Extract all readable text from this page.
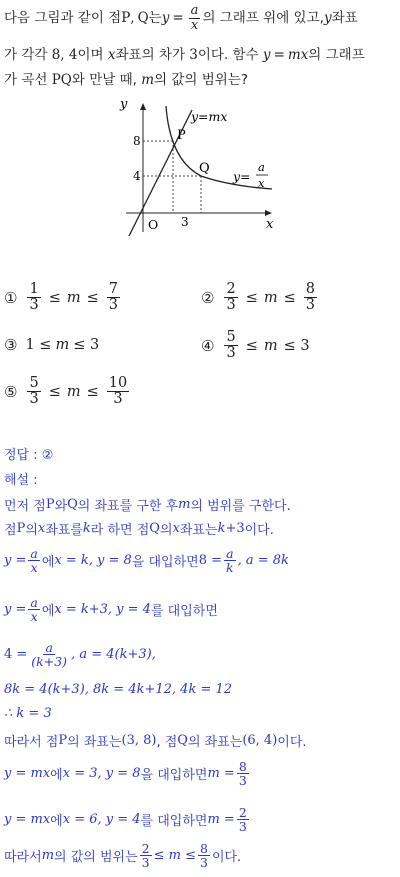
다음 그림과 같이 점 P , Q 는 $y = \frac{a}{x}$ 의 그래프 위에 있고, y 좌표
가 각각 8, 4이며 x좌표의 차가 3이다. 함수 y = mx의 그래프
가 곡선 PQ와 만날 때, m의 값의 범위는?
y
x
O
8
4
3
P
Q
y=mx
y=
a
x
① $\frac{1}{3} \le m \le \frac{7}{3}$	② $\frac{2}{3} \le m \le \frac{8}{3}$
③ 1 ≤ m ≤ 3	④ $\frac{5}{3} \le m \le 3$
⑤ $\frac{5}{3} \le m \le \frac{10}{3}$
정답 : ②
해설 :
먼저 점 P 와 Q 의 좌표를 구한 후 m 의 범위를 구한다.
점 P 의 x 좌표를 k 라 하면 점 Q 의 x 좌표는 k +3 이다.
$y = \frac{a}{x}$ 에 x = k, y = 8 을 대입하면 $8 = \frac{a}{k}$ , a = 8k
$y = \frac{a}{x}$ 에 x = k+3, y = 4 를 대입하면
$4 = \frac{a}{(k+3)}$ , a = 4(k+3),
8k = 4(k+3), 8k = 4k+12, 4k = 12
∴ k = 3
따라서 점 P 의 좌표는 (3, 8) , 점 Q 의 좌표는 (6, 4) 이다.
y = mx 에 x = 3, y = 8 을 대입하면 $m = \frac{8}{3}$
y = mx 에 x = 6, y = 4 를 대입하면 $m = \frac{2}{3}$
따라서 m 의 값의 범위는 $\frac{2}{3} \le m \le \frac{8}{3}$ 이다.
